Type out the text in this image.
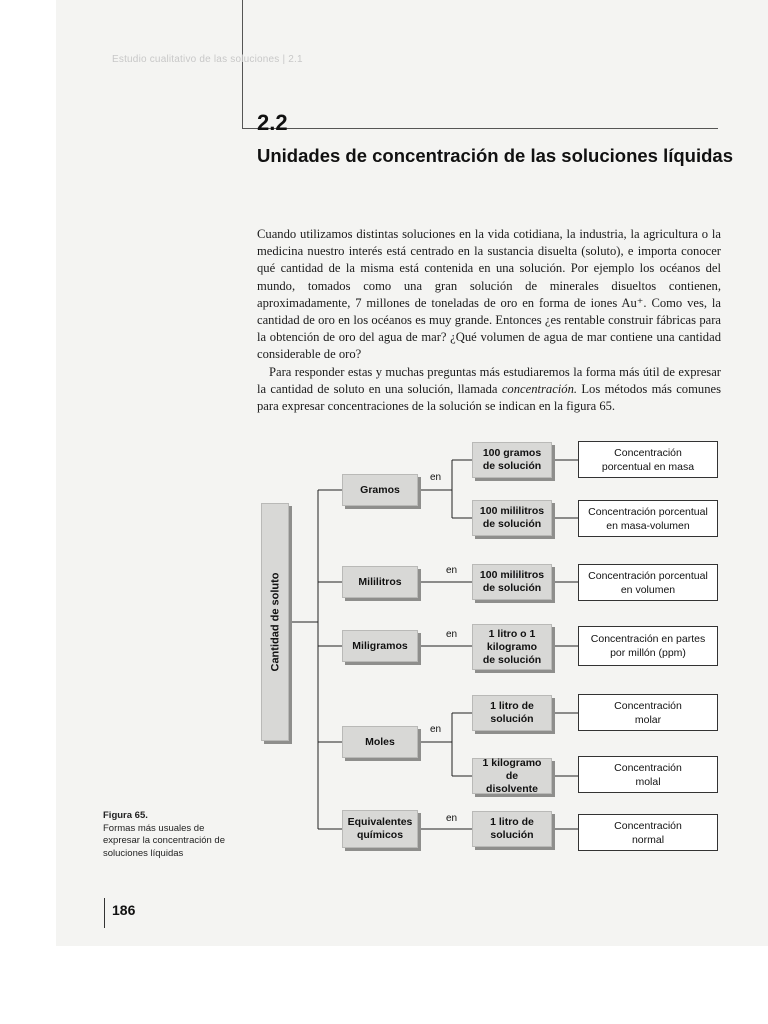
Estudio cualitativo de las soluciones | 2.1
2.2
Unidades de concentración de las soluciones líquidas

Cuando utilizamos distintas soluciones en la vida cotidiana, la industria, la agricultura o la medicina nuestro interés está centrado en la sustancia disuelta (soluto), e importa conocer qué cantidad de la misma está contenida en una solución. Por ejemplo los océanos del mundo, tomados como una gran solución de minerales disueltos contienen, aproximadamente, 7 millones de toneladas de oro en forma de iones Au⁺. Como ves, la cantidad de oro en los océanos es muy grande. Entonces ¿es rentable construir fábricas para la obtención de oro del agua de mar? ¿Qué volumen de agua de mar contiene una cantidad considerable de oro?

Para responder estas y muchas preguntas más estudiaremos la forma más útil de expresar la cantidad de soluto en una solución, llamada concentración. Los métodos más comunes para expresar concentraciones de la solución se indican en la figura 65.

Cantidad de soluto
Gramos
Mililitros
Miligramos
Moles
Equivalentes químicos
en
en
en
en
en
100 gramos de solución
100 mililitros de solución
100 mililitros de solución
1 litro o 1 kilogramo de solución
1 litro de solución
1 kilogramo de disolvente
1 litro de solución
Concentración porcentual en masa
Concentración porcentual en masa-volumen
Concentración porcentual en volumen
Concentración en partes por millón (ppm)
Concentración molar
Concentración molal
Concentración normal
Figura 65.
Formas más usuales de expresar la concentración de soluciones líquidas
186
